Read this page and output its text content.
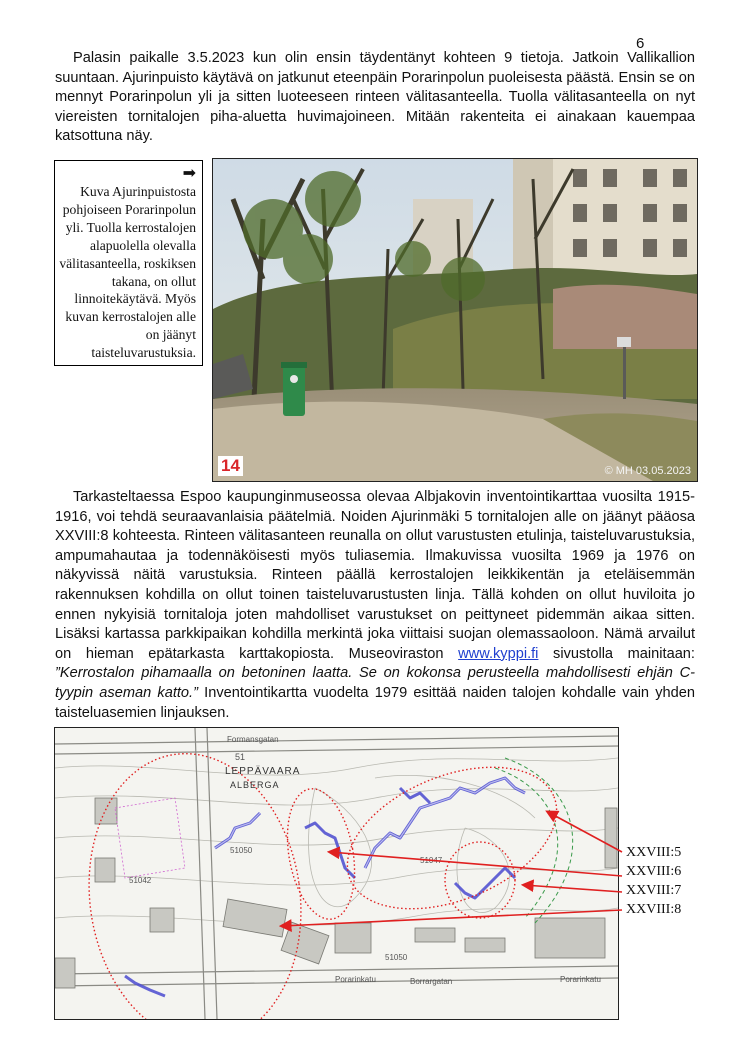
6

Palasin paikalle 3.5.2023 kun olin ensin täydentänyt kohteen 9 tietoja. Jatkoin Vallikallion suuntaan. Ajurinpuisto käytävä on jatkunut eteenpäin Porarinpolun puoleisesta päästä. Ensin se on mennyt Porarinpolun yli ja sitten luoteeseen rinteen välitasanteella. Tuolla välitasanteella on nyt viereisten tornitalojen piha-aluetta huvimajoineen. Mitään rakenteita ei ainakaan kauempaa katsottuna näy.

➡
Kuva Ajurinpuistosta pohjoiseen Porarinpolun yli. Tuolla kerrostalojen alapuolella olevalla välitasanteella, roskiksen takana, on ollut linnoitekäytävä. Myös kuvan kerrostalojen alle on jäänyt taisteluvarustuksia.
14	© MH 03.05.2023

Tarkasteltaessa Espoo kaupunginmuseossa olevaa Albjakovin inventointikarttaa vuosilta 1915-1916, voi tehdä seuraavanlaisia päätelmiä. Noiden Ajurinmäki 5 tornitalojen alle on jäänyt pääosa XXVIII:8 kohteesta. Rinteen välitasanteen reunalla on ollut varustusten etulinja, taisteluvarustuksia, ampumahautaa ja todennäköisesti myös tuliasemia. Ilmakuvissa vuosilta 1969 ja 1976 on näkyvissä näitä varustuksia. Rinteen päällä kerrostalojen leikkikentän ja eteläisemmän rakennuksen kohdilla on ollut toinen taisteluvarustusten linja. Tällä kohden on ollut huviloita jo ennen nykyisiä tornitaloja joten mahdolliset varustukset on peittyneet pidemmän aikaa sitten. Lisäksi kartassa parkkipaikan kohdilla merkintä joka viittaisi suojan olemassaoloon. Nämä arvailut on hieman epätarkasta karttakopiosta. Museoviraston www.kyppi.fi sivustolla mainitaan: ”Kerrostalon pihamaalla on betoninen laatta. Se on kokonsa perusteella mahdollisesti ehjän C-tyypin aseman katto.” Inventointikartta vuodelta 1979 esittää naiden talojen kohdalle vain yhden taisteluasemien linjauksen.

Formansgatan
51
LEPPÄVAARA
ALBERGA
51050
51042
51047
51050
Porarinkatu	Borrargatan	Porarinkatu
XXVIII:5
XXVIII:6
XXVIII:7
XXVIII:8
